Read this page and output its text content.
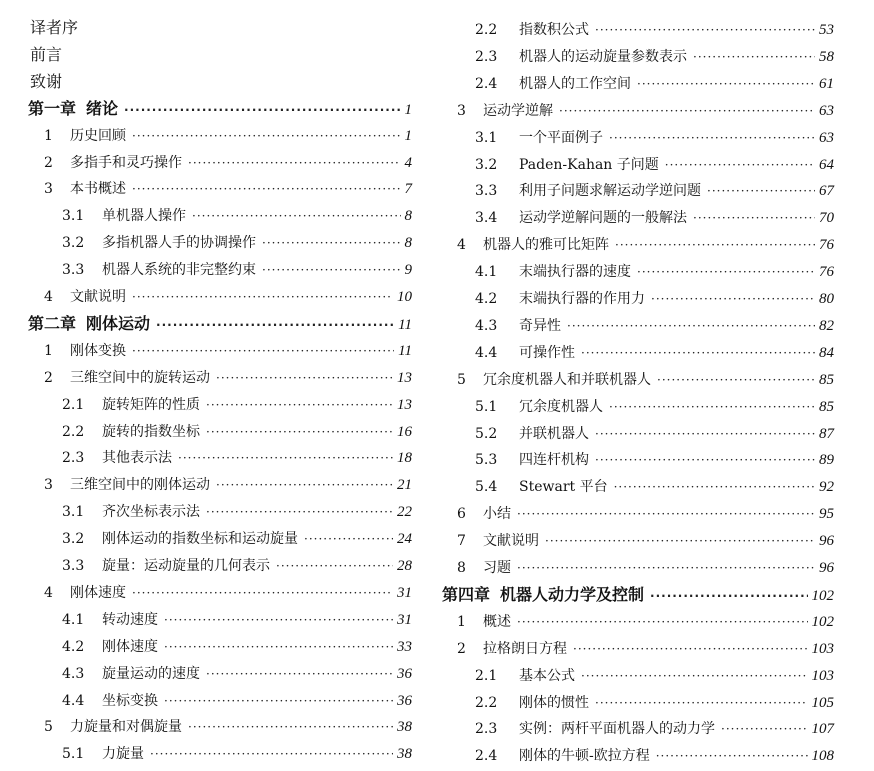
译者序
前言
致谢
第一章 绪论 ·····	1
1	历史回顾 ·····	1
2	多指手和灵巧操作 ·····	4
3	本书概述 ·····	7
3.1	单机器人操作 ·····	8
3.2	多指机器人手的协调操作 ·····	8
3.3	机器人系统的非完整约束 ·····	9
4	文献说明 ·····	10
第二章 刚体运动 ·····	11
1	刚体变换 ·····	11
2	三维空间中的旋转运动 ·····	13
2.1	旋转矩阵的性质 ·····	13
2.2	旋转的指数坐标 ·····	16
2.3	其他表示法 ·····	18
3	三维空间中的刚体运动 ·····	21
3.1	齐次坐标表示法 ·····	22
3.2	刚体运动的指数坐标和运动旋量 ·····	24
3.3	旋量：运动旋量的几何表示 ·····	28
4	刚体速度 ·····	31
4.1	转动速度 ·····	31
4.2	刚体速度 ·····	33
4.3	旋量运动的速度 ·····	36
4.4	坐标变换 ·····	36
5	力旋量和对偶旋量 ·····	38
5.1	力旋量 ·····	38
2.2	指数积公式 ·····	53
2.3	机器人的运动旋量参数表示 ·····	58
2.4	机器人的工作空间 ·····	61
3	运动学逆解 ·····	63
3.1	一个平面例子 ·····	63
3.2	Paden-Kahan 子问题 ·····	64
3.3	利用子问题求解运动学逆问题 ·····	67
3.4	运动学逆解问题的一般解法 ·····	70
4	机器人的雅可比矩阵 ·····	76
4.1	末端执行器的速度 ·····	76
4.2	末端执行器的作用力 ·····	80
4.3	奇异性 ·····	82
4.4	可操作性 ·····	84
5	冗余度机器人和并联机器人 ·····	85
5.1	冗余度机器人 ·····	85
5.2	并联机器人 ·····	87
5.3	四连杆机构 ·····	89
5.4	Stewart 平台 ·····	92
6	小结 ·····	95
7	文献说明 ·····	96
8	习题 ·····	96
第四章 机器人动力学及控制 ·····	102
1	概述 ·····	102
2	拉格朗日方程 ·····	103
2.1	基本公式 ·····	103
2.2	刚体的惯性 ·····	105
2.3	实例：两杆平面机器人的动力学 ·····	107
2.4	刚体的牛顿-欧拉方程 ·····	108
